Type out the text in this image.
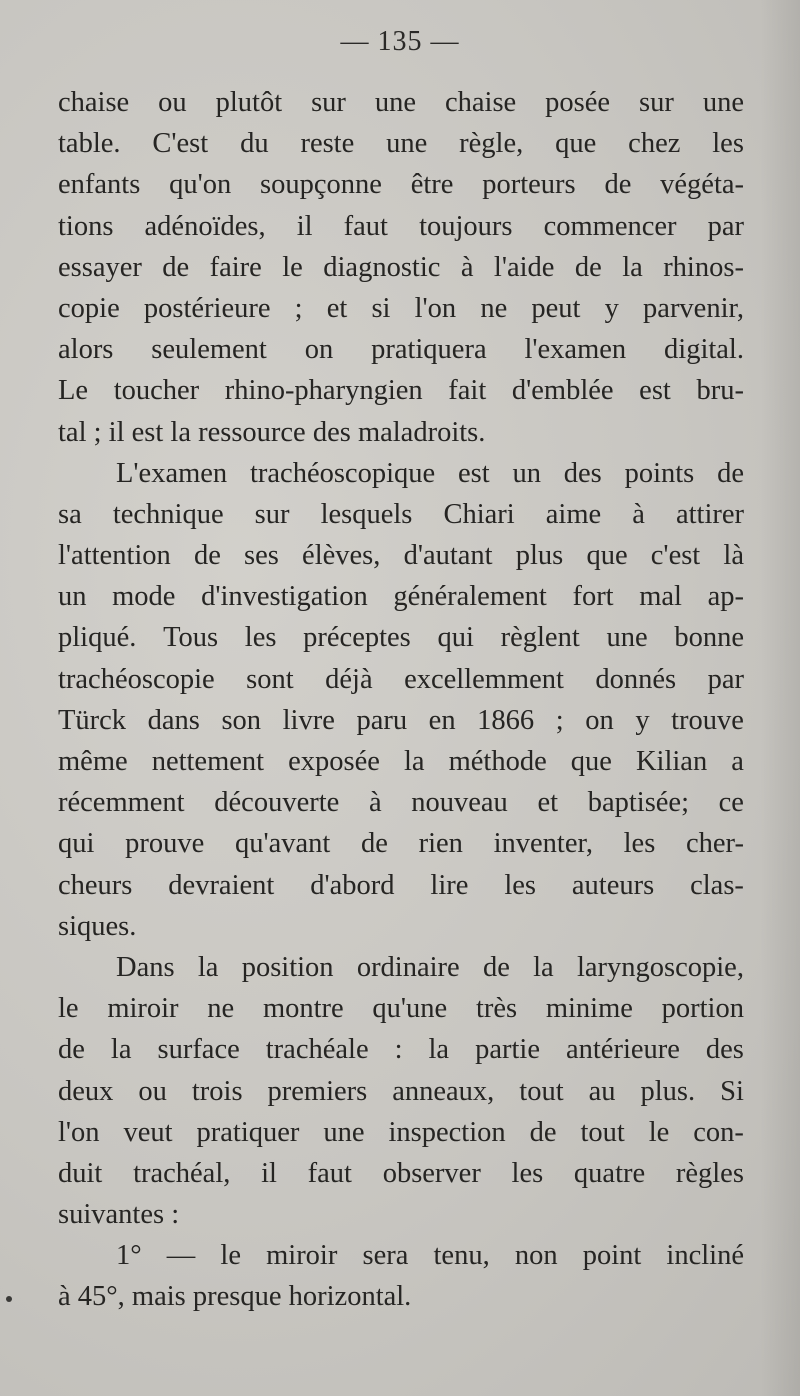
— 135 —
chaise ou plutôt sur une chaise posée sur une
table. C'est du reste une règle, que chez les
enfants qu'on soupçonne être porteurs de végéta-
tions adénoïdes, il faut toujours commencer par
essayer de faire le diagnostic à l'aide de la rhinos-
copie postérieure ; et si l'on ne peut y parvenir,
alors seulement on pratiquera l'examen digital.
Le toucher rhino-pharyngien fait d'emblée est bru-
tal ; il est la ressource des maladroits.
L'examen trachéoscopique est un des points de
sa technique sur lesquels Chiari aime à attirer
l'attention de ses élèves, d'autant plus que c'est là
un mode d'investigation généralement fort mal ap-
pliqué. Tous les préceptes qui règlent une bonne
trachéoscopie sont déjà excellemment donnés par
Türck dans son livre paru en 1866 ; on y trouve
même nettement exposée la méthode que Kilian a
récemment découverte à nouveau et baptisée; ce
qui prouve qu'avant de rien inventer, les cher-
cheurs devraient d'abord lire les auteurs clas-
siques.
Dans la position ordinaire de la laryngoscopie,
le miroir ne montre qu'une très minime portion
de la surface trachéale : la partie antérieure des
deux ou trois premiers anneaux, tout au plus. Si
l'on veut pratiquer une inspection de tout le con-
duit trachéal, il faut observer les quatre règles
suivantes :
1° — le miroir sera tenu, non point incliné
à 45°, mais presque horizontal.
